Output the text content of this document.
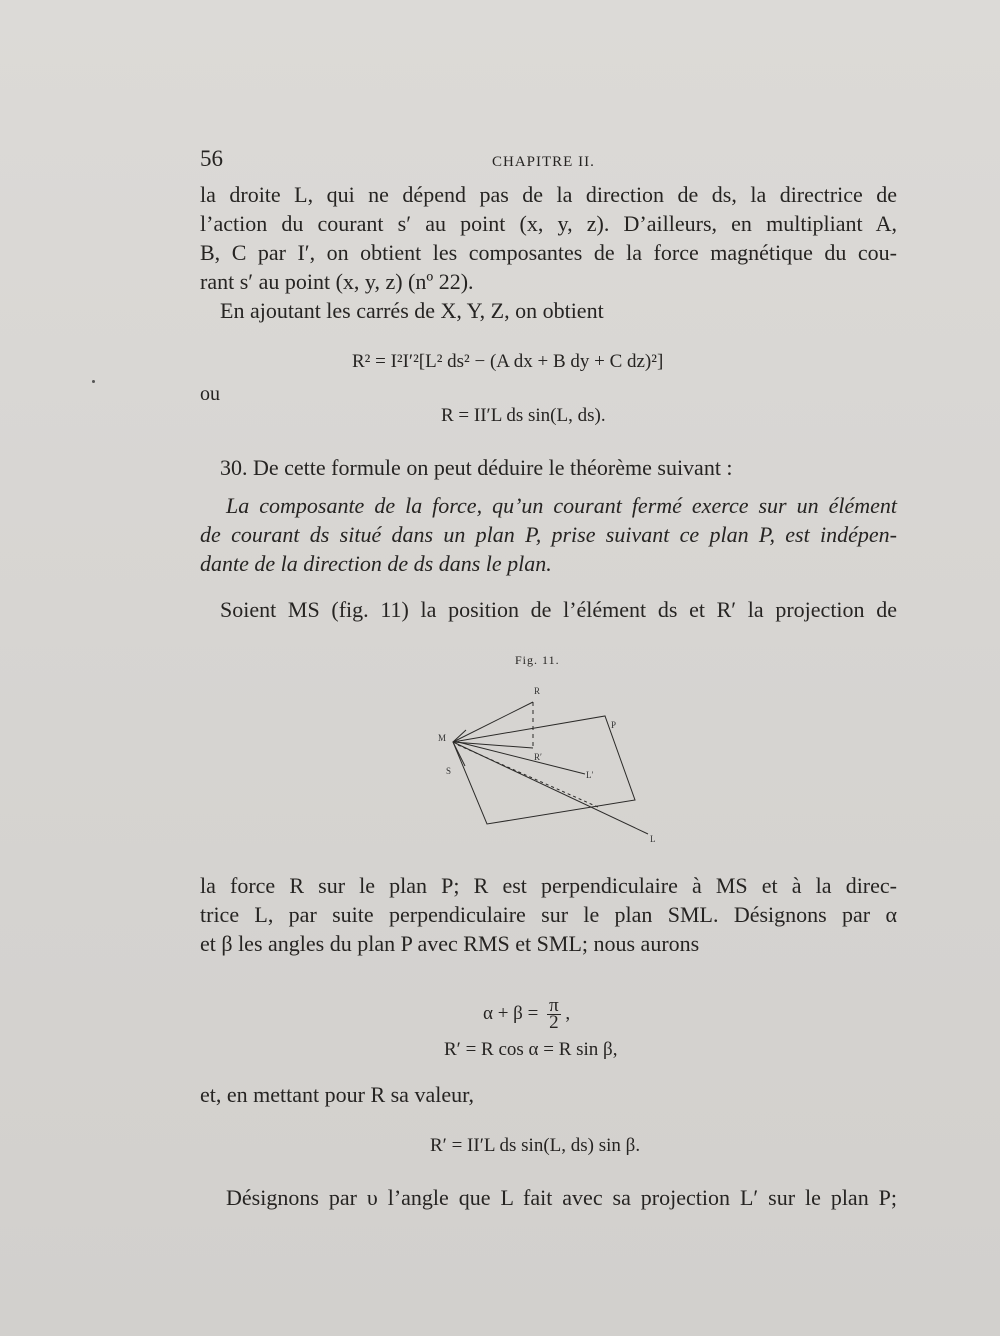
56	CHAPITRE II.
la droite L, qui ne dépend pas de la direction de ds, la directrice de
l’action du courant s′ au point (x, y, z). D’ailleurs, en multipliant A,
B, C par I′, on obtient les composantes de la force magnétique du cou-
rant s′ au point (x, y, z) (nº 22).
En ajoutant les carrés de X, Y, Z, on obtient
R² = I²I′²[L² ds² − (A dx + B dy + C dz)²]
ou
R = II′L ds sin(L, ds).
30. De cette formule on peut déduire le théorème suivant :
La composante de la force, qu’un courant fermé exerce sur un élément
de courant ds situé dans un plan P, prise suivant ce plan P, est indépen-
dante de la direction de ds dans le plan.
Soient MS (fig. 11) la position de l’élément ds et R′ la projection de
Fig. 11.
R
P
M
R′
S	L′
L
la force R sur le plan P; R est perpendiculaire à MS et à la direc-
trice L, par suite perpendiculaire sur le plan SML. Désignons par α
et β les angles du plan P avec RMS et SML; nous aurons
$\alpha + \beta = \frac{\pi}{2}$ ,
R′ = R cos α = R sin β,
et, en mettant pour R sa valeur,
R′ = II′L ds sin(L, ds) sin β.
Désignons par υ l’angle que L fait avec sa projection L′ sur le plan P;
